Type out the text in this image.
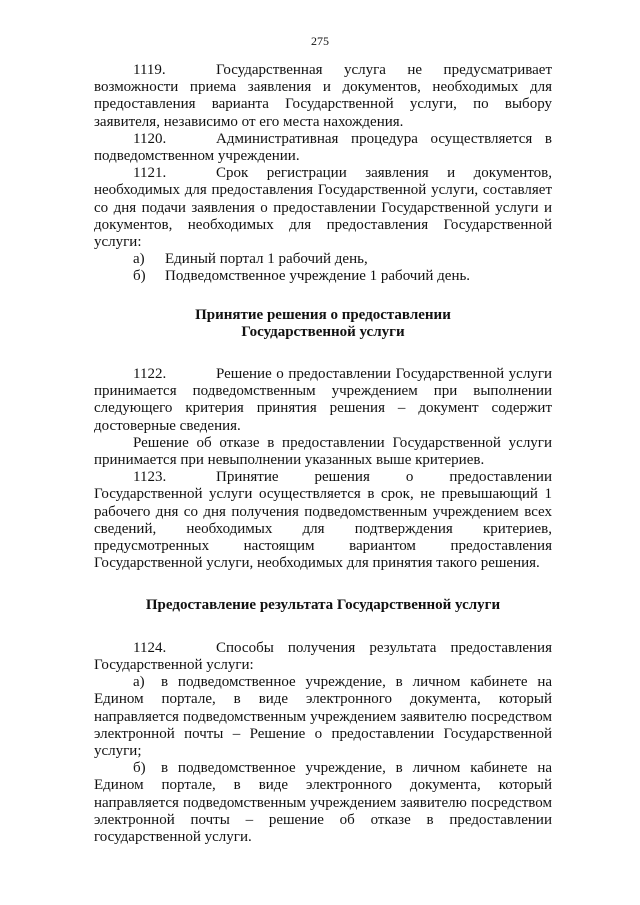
275

1119.	Государственная услуга не предусматривает возможности приема заявления и документов, необходимых для предоставления варианта Государственной услуги, по выбору заявителя, независимо от его места нахождения.

1120.	Административная процедура осуществляется в подведомственном учреждении.

1121.	Срок регистрации заявления и документов, необходимых для предоставления Государственной услуги, составляет со дня подачи заявления о предоставлении Государственной услуги и документов, необходимых для предоставления Государственной услуги:

а) Единый портал 1 рабочий день,

б) Подведомственное учреждение 1 рабочий день.

Принятие решения о предоставлении Государственной услуги

1122.	Решение о предоставлении Государственной услуги принимается подведомственным учреждением при выполнении следующего критерия принятия решения – документ содержит достоверные сведения.

Решение об отказе в предоставлении Государственной услуги принимается при невыполнении указанных выше критериев.

1123.	Принятие решения о предоставлении Государственной услуги осуществляется в срок, не превышающий 1 рабочего дня со дня получения подведомственным учреждением всех сведений, необходимых для подтверждения критериев, предусмотренных настоящим вариантом предоставления Государственной услуги, необходимых для принятия такого решения.

Предоставление результата Государственной услуги

1124.	Способы получения результата предоставления Государственной услуги:

а) в подведомственное учреждение, в личном кабинете на Едином портале, в виде электронного документа, который направляется подведомственным учреждением заявителю посредством электронной почты – Решение о предоставлении Государственной услуги;

б) в подведомственное учреждение, в личном кабинете на Едином портале, в виде электронного документа, который направляется подведомственным учреждением заявителю посредством электронной почты – решение об отказе в предоставлении государственной услуги.
